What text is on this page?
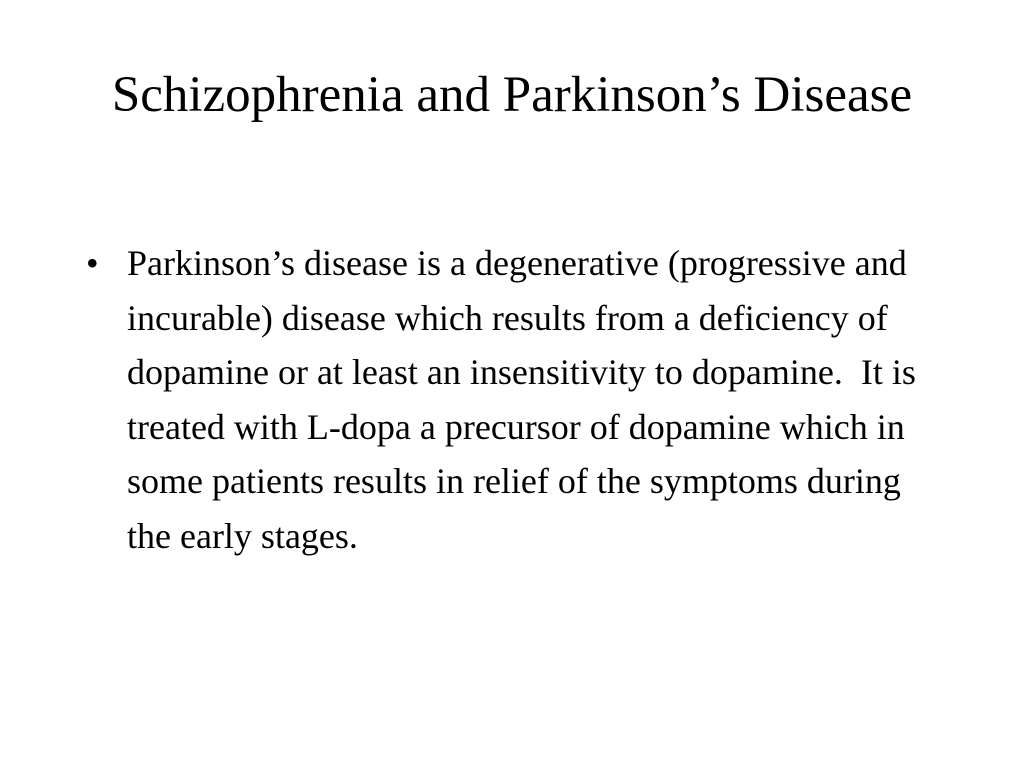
Schizophrenia and Parkinson’s Disease
• Parkinson’s disease is a degenerative (progressive and incurable) disease which results from a deficiency of dopamine or at least an insensitivity to dopamine.  It is treated with L-dopa a precursor of dopamine which in some patients results in relief of the symptoms during the early stages.
